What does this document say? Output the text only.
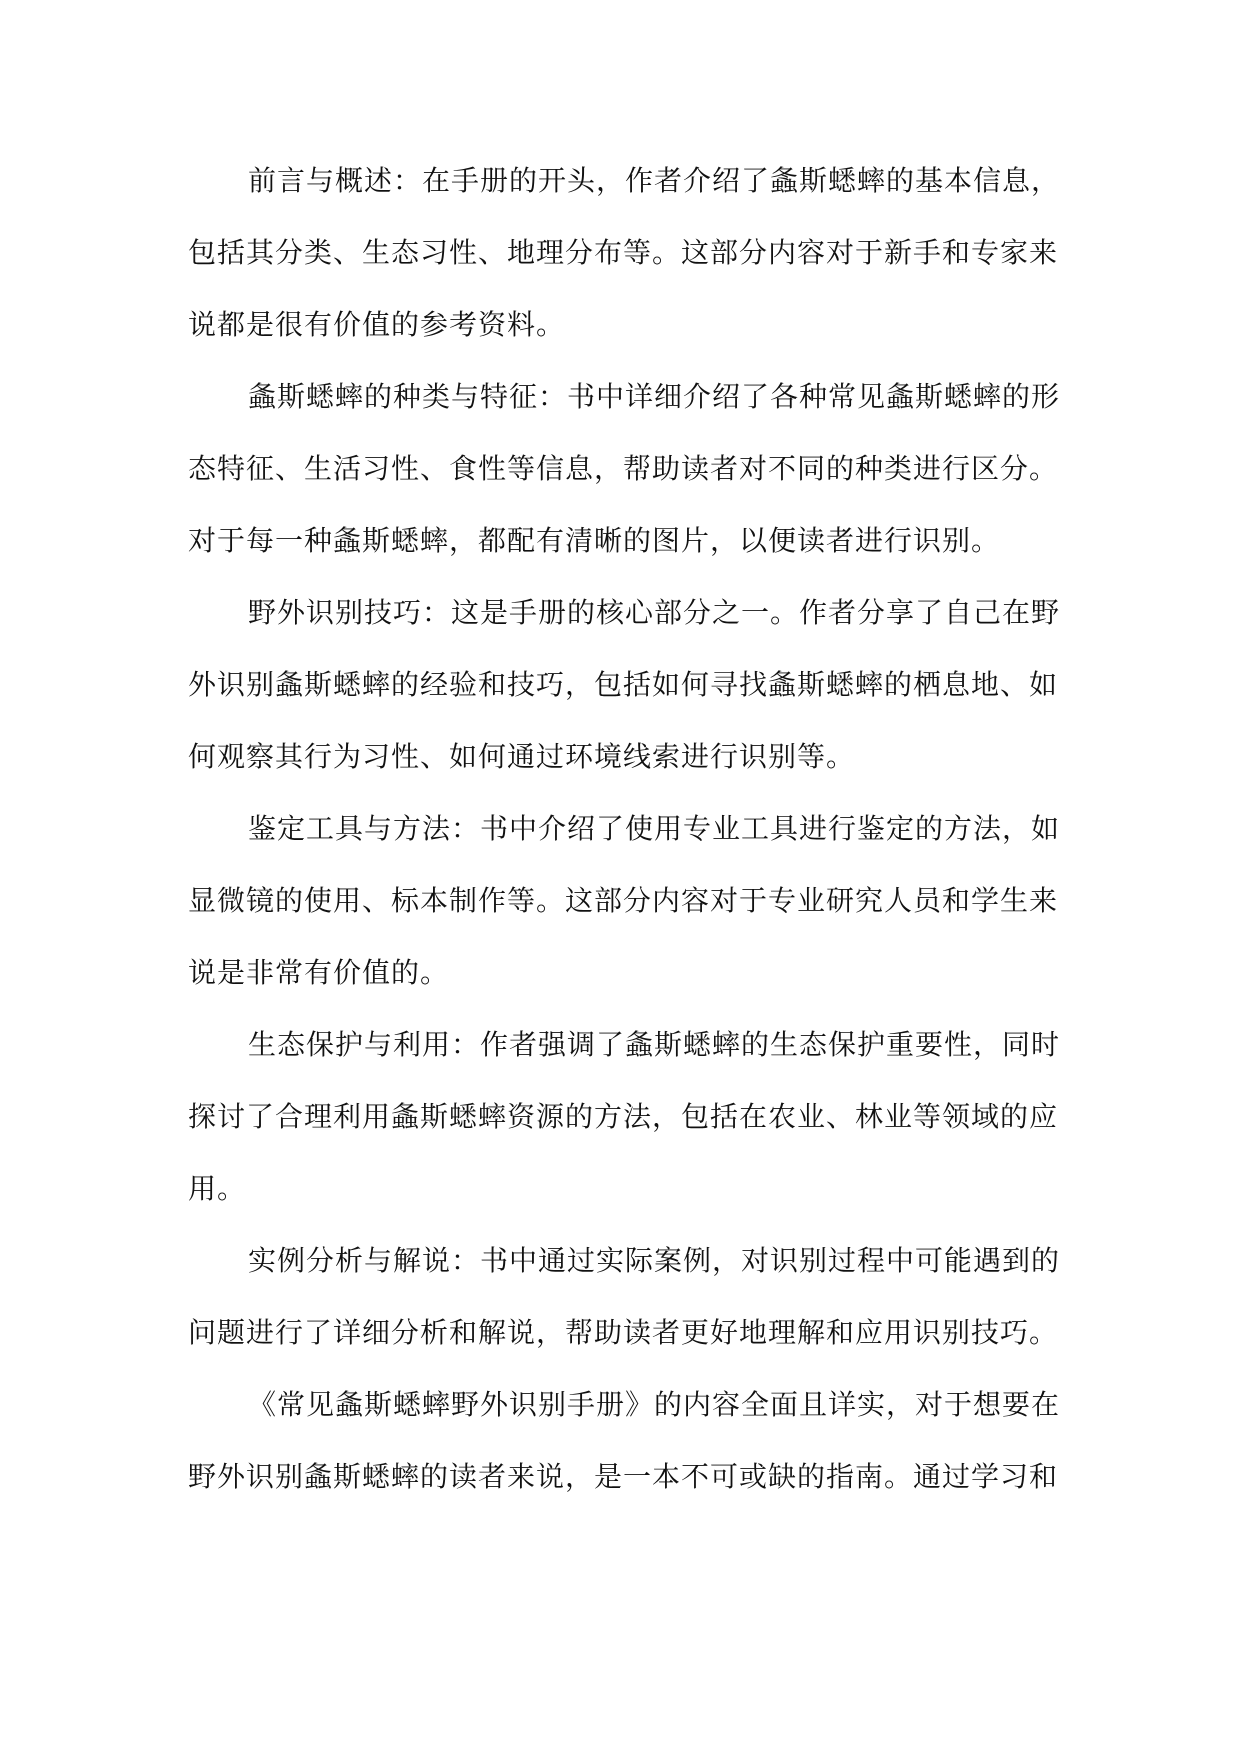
前言与概述：在手册的开头，作者介绍了螽斯蟋蟀的基本信息，
包括其分类、生态习性、地理分布等。这部分内容对于新手和专家来
说都是很有价值的参考资料。
螽斯蟋蟀的种类与特征：书中详细介绍了各种常见螽斯蟋蟀的形
态特征、生活习性、食性等信息，帮助读者对不同的种类进行区分。
对于每一种螽斯蟋蟀，都配有清晰的图片，以便读者进行识别。
野外识别技巧：这是手册的核心部分之一。作者分享了自己在野
外识别螽斯蟋蟀的经验和技巧，包括如何寻找螽斯蟋蟀的栖息地、如
何观察其行为习性、如何通过环境线索进行识别等。
鉴定工具与方法：书中介绍了使用专业工具进行鉴定的方法，如
显微镜的使用、标本制作等。这部分内容对于专业研究人员和学生来
说是非常有价值的。
生态保护与利用：作者强调了螽斯蟋蟀的生态保护重要性，同时
探讨了合理利用螽斯蟋蟀资源的方法，包括在农业、林业等领域的应
用。
实例分析与解说：书中通过实际案例，对识别过程中可能遇到的
问题进行了详细分析和解说，帮助读者更好地理解和应用识别技巧。
《常见螽斯蟋蟀野外识别手册》的内容全面且详实，对于想要在
野外识别螽斯蟋蟀的读者来说，是一本不可或缺的指南。通过学习和
